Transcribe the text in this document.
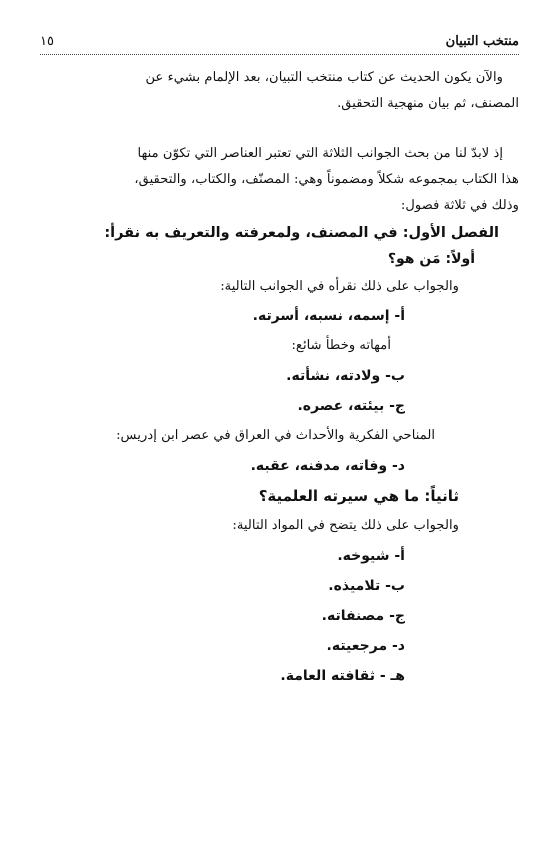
منتخب التبيان
١٥
والآن يكون الحديث عن كتاب منتخب التبيان، بعد الإلمام بشيء عن
المصنف، ثم بيان منهجية التحقيق.
إذ لابدّ لنا من بحث الجوانب الثلاثة التي تعتبر العناصر التي تكوّن منها
هذا الكتاب بمجموعه شكلاً ومضموناً وهي: المصنّف، والكتاب، والتحقيق،
وذلك في ثلاثة فصول:
الفصل الأول: في المصنف، ولمعرفته والتعريف به نقرأ:
أولاً: مَن هو؟
والجواب على ذلك نقرأه في الجوانب التالية:
أ- إسمه، نسبه، أسرته.
أمهاته وخطأ شائع:
ب- ولادته، نشأته.
ج- بيئته، عصره.
المناحي الفكرية والأحداث في العراق في عصر ابن إدريس:
د- وفاته، مدفنه، عقبه.
ثانياً: ما هي سيرته العلمية؟
والجواب على ذلك يتضح في المواد التالية:
أ- شيوخه.
ب- تلاميذه.
ج- مصنفاته.
د- مرجعيته.
هـ - ثقافته العامة.
